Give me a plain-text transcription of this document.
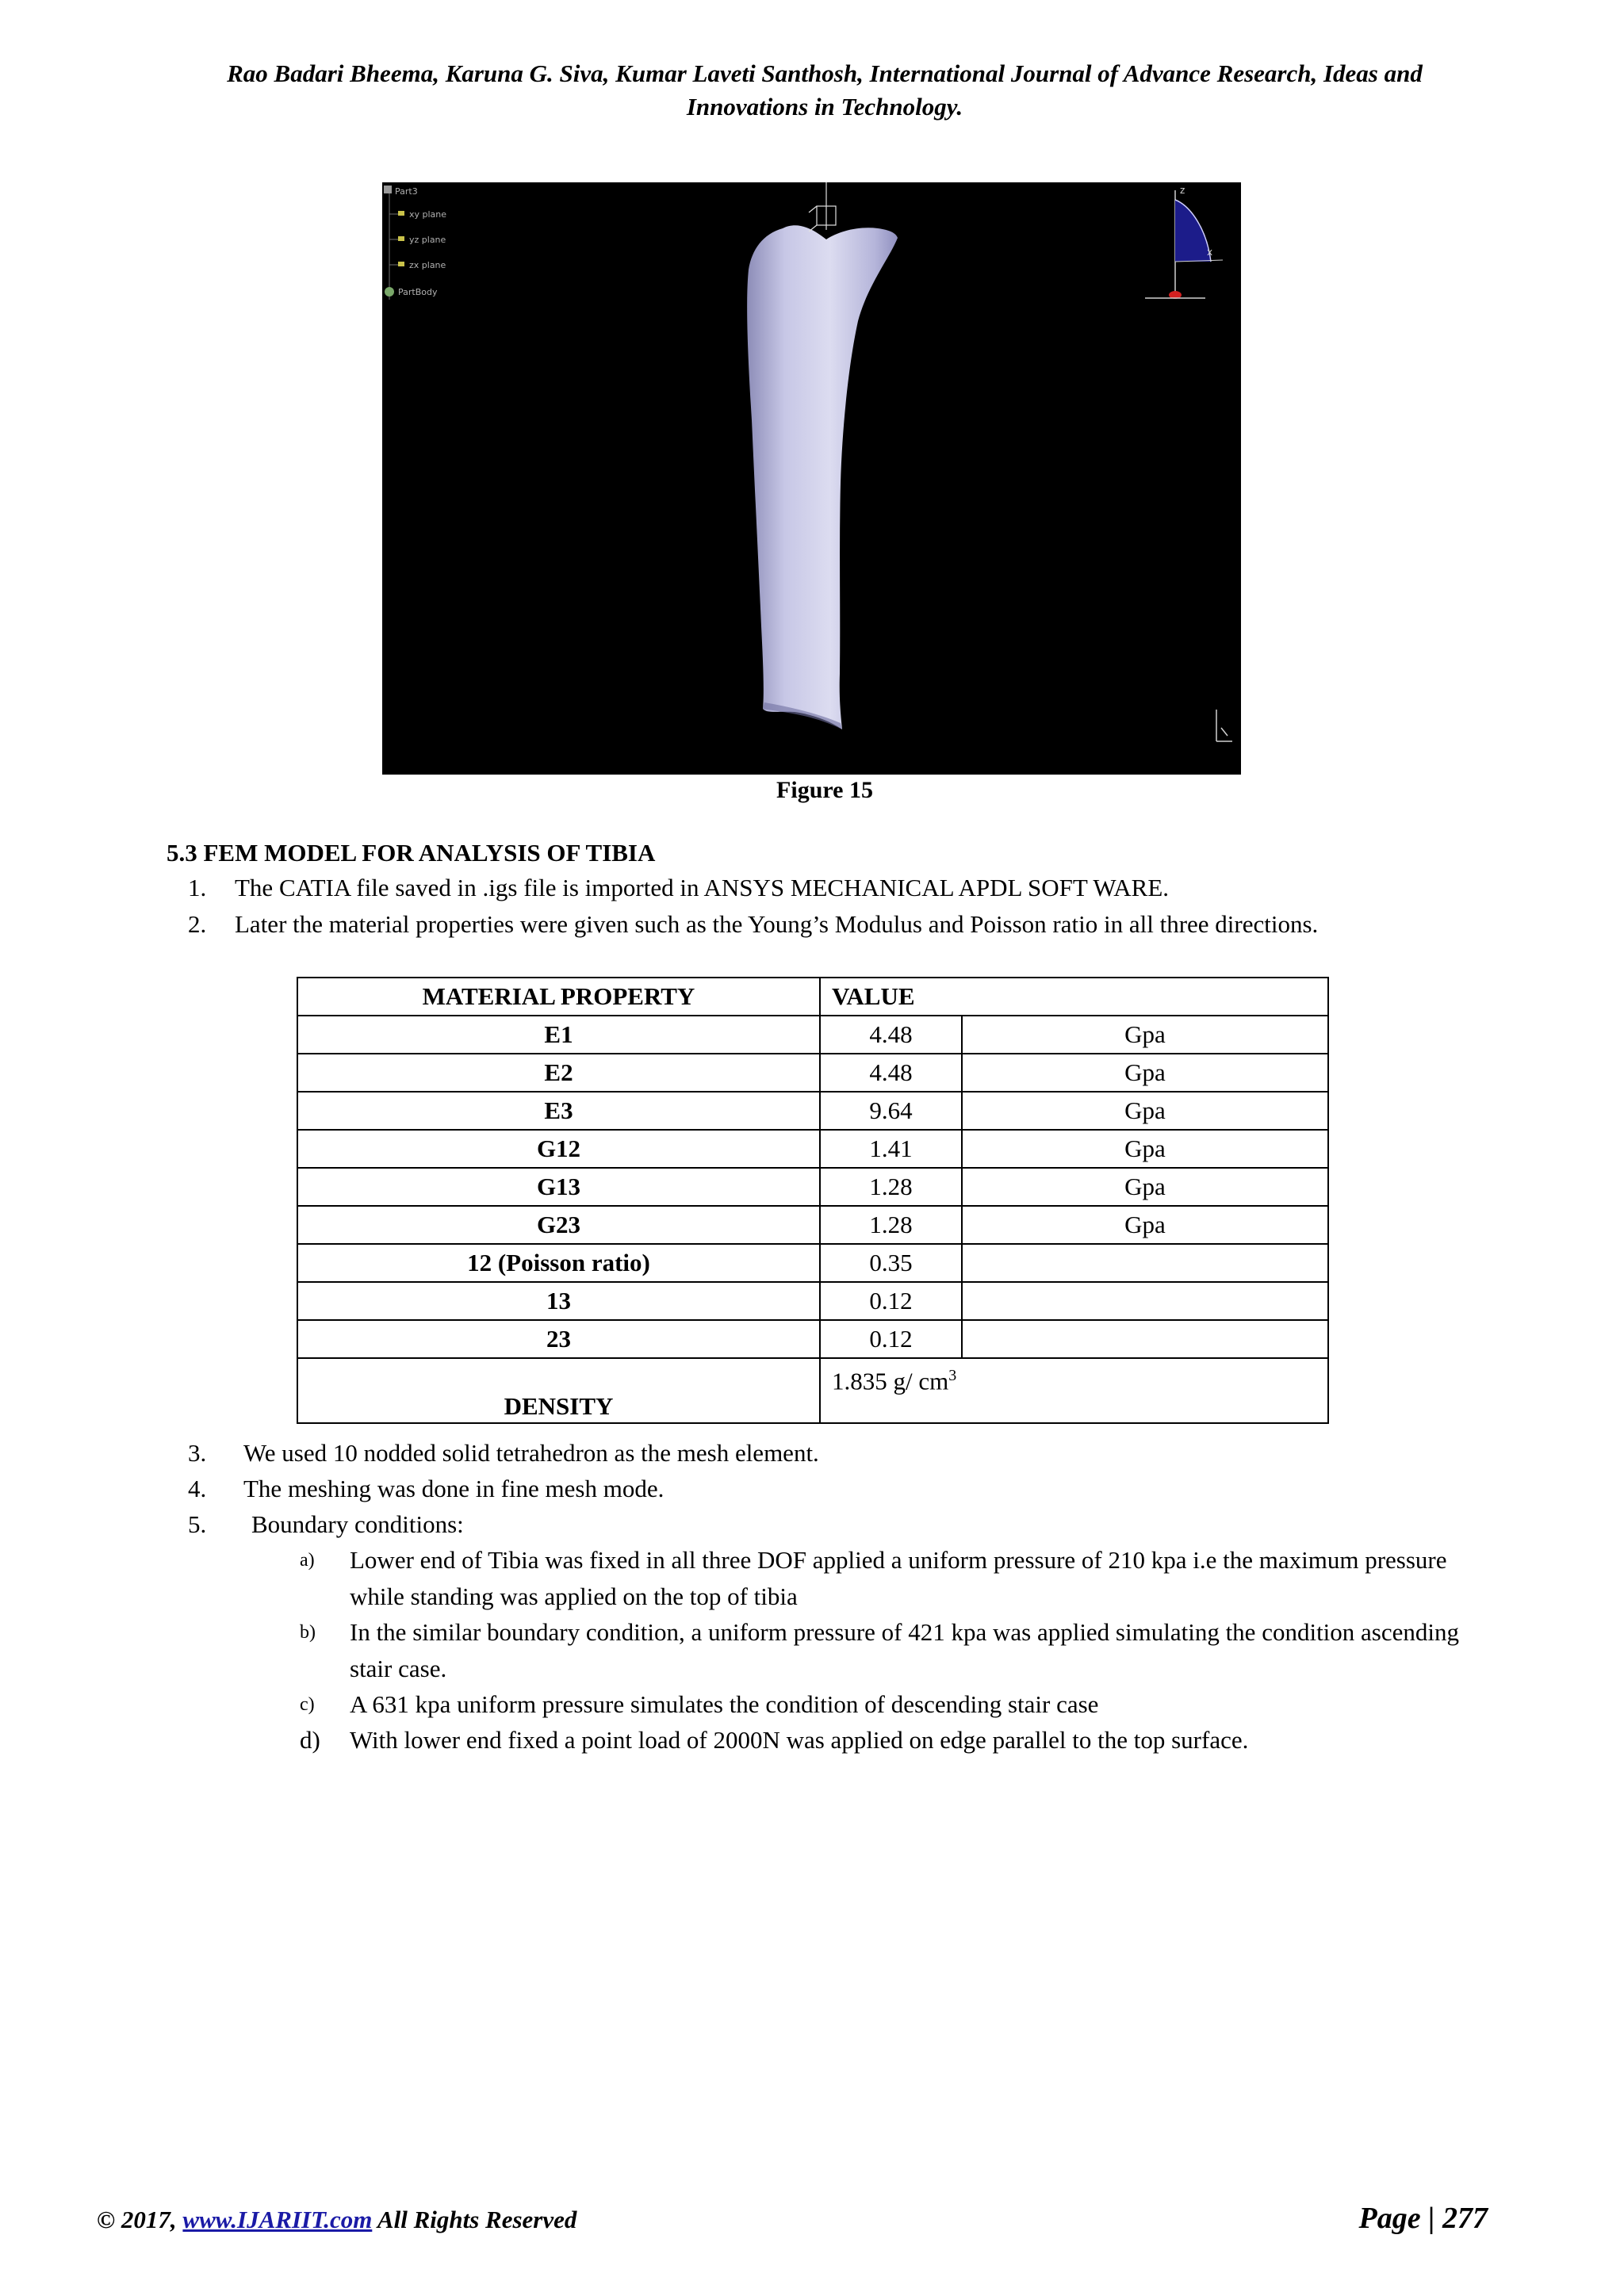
Rao Badari Bheema, Karuna G. Siva, Kumar Laveti Santhosh, International Journal of Advance Research, Ideas and
Innovations in Technology.
Part3
xy plane
yz plane
zx plane
PartBody
z
x
Figure 15
5.3 FEM MODEL FOR ANALYSIS OF TIBIA
1. The CATIA file saved in .igs file is imported in ANSYS MECHANICAL APDL SOFT WARE.
2. Later the material properties were given such as the Young’s Modulus and Poisson ratio in all three directions.
MATERIAL PROPERTY	VALUE	
E1	4.48	Gpa
E2	4.48	Gpa
E3	9.64	Gpa
G12	1.41	Gpa
G13	1.28	Gpa
G23	1.28	Gpa
12 (Poisson ratio)	0.35	
13	0.12	
23	0.12	
DENSITY	1.835 g/ $cm^3$
3. We used 10 nodded solid tetrahedron as the mesh element.
4. The meshing was done in fine mesh mode.
5. Boundary conditions:
a) Lower end of Tibia was fixed in all three DOF applied a uniform pressure of 210 kpa i.e the maximum pressure while standing was applied on the top of tibia
b) In the similar boundary condition, a uniform pressure of 421 kpa was applied simulating the condition ascending stair case.
c) A 631 kpa uniform pressure simulates the condition of descending stair case
d) With lower end fixed a point load of 2000N was applied on edge parallel to the top surface.
© 2017, www.IJARIIT.com All Rights Reserved	Page | 277
